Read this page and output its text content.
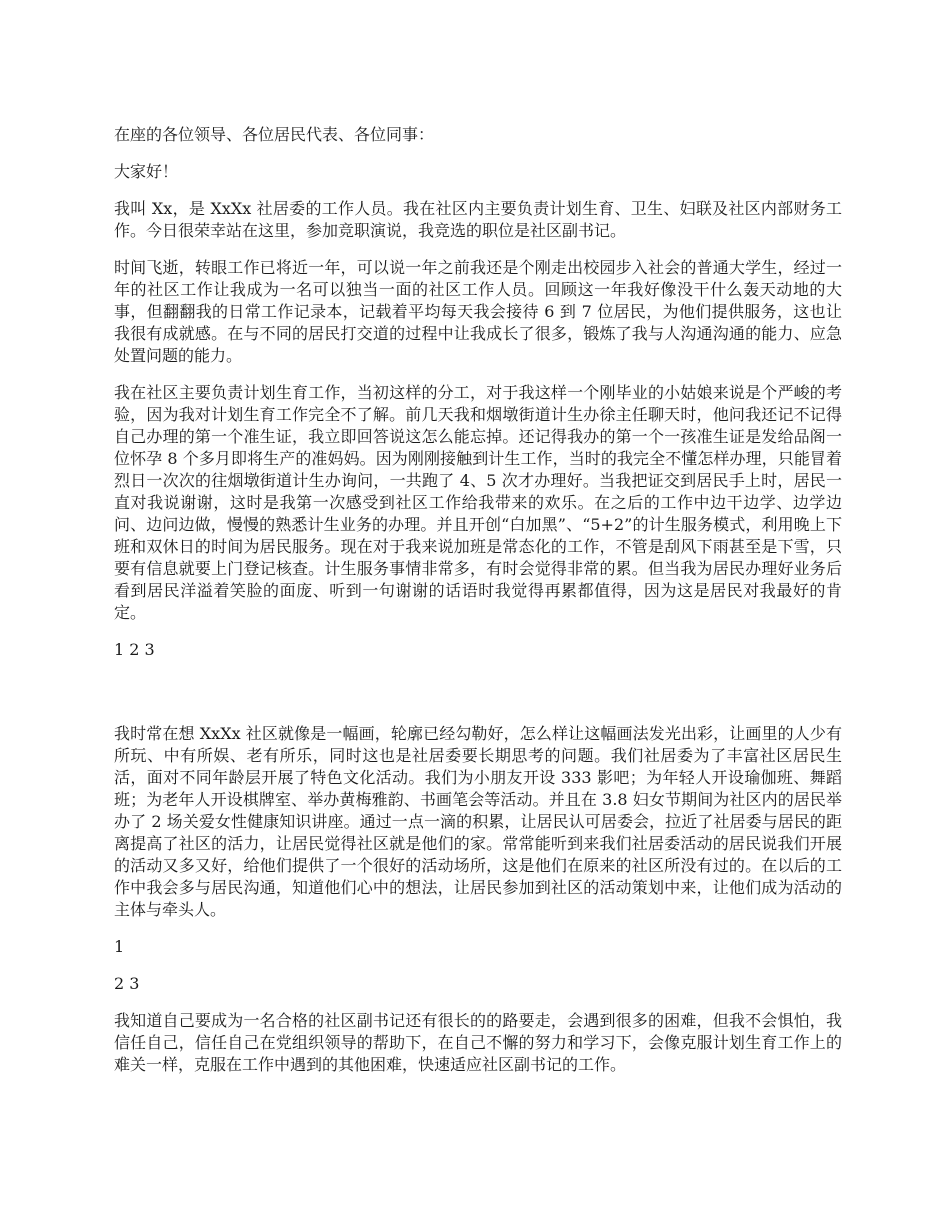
在座的各位领导、各位居民代表、各位同事：

大家好！

我叫 Xx，是 XxXx 社居委的工作人员。我在社区内主要负责计划生育、卫生、妇联及社区内部财务工作。今日很荣幸站在这里，参加竞职演说，我竞选的职位是社区副书记。

时间飞逝，转眼工作已将近一年，可以说一年之前我还是个刚走出校园步入社会的普通大学生，经过一年的社区工作让我成为一名可以独当一面的社区工作人员。回顾这一年我好像没干什么轰天动地的大事，但翻翻我的日常工作记录本，记载着平均每天我会接待 6 到 7 位居民，为他们提供服务，这也让我很有成就感。在与不同的居民打交道的过程中让我成长了很多，锻炼了我与人沟通沟通的能力、应急处置问题的能力。

我在社区主要负责计划生育工作，当初这样的分工，对于我这样一个刚毕业的小姑娘来说是个严峻的考验，因为我对计划生育工作完全不了解。前几天我和烟墩街道计生办徐主任聊天时，他问我还记不记得自己办理的第一个准生证，我立即回答说这怎么能忘掉。还记得我办的第一个一孩准生证是发给品阁一位怀孕 8 个多月即将生产的准妈妈。因为刚刚接触到计生工作，当时的我完全不懂怎样办理，只能冒着烈日一次次的往烟墩街道计生办询问，一共跑了 4、5 次才办理好。当我把证交到居民手上时，居民一直对我说谢谢，这时是我第一次感受到社区工作给我带来的欢乐。在之后的工作中边干边学、边学边问、边问边做，慢慢的熟悉计生业务的办理。并且开创“白加黑”、“5+2”的计生服务模式，利用晚上下班和双休日的时间为居民服务。现在对于我来说加班是常态化的工作，不管是刮风下雨甚至是下雪，只要有信息就要上门登记核查。计生服务事情非常多，有时会觉得非常的累。但当我为居民办理好业务后看到居民洋溢着笑脸的面庞、听到一句谢谢的话语时我觉得再累都值得，因为这是居民对我最好的肯定。

1 2 3

我时常在想 XxXx 社区就像是一幅画，轮廓已经勾勒好，怎么样让这幅画法发光出彩，让画里的人少有所玩、中有所娱、老有所乐，同时这也是社居委要长期思考的问题。我们社居委为了丰富社区居民生活，面对不同年龄层开展了特色文化活动。我们为小朋友开设 333 影吧；为年轻人开设瑜伽班、舞蹈班；为老年人开设棋牌室、举办黄梅雅韵、书画笔会等活动。并且在 3.8 妇女节期间为社区内的居民举办了 2 场关爱女性健康知识讲座。通过一点一滴的积累，让居民认可居委会，拉近了社居委与居民的距离提高了社区的活力，让居民觉得社区就是他们的家。常常能听到来我们社居委活动的居民说我们开展的活动又多又好，给他们提供了一个很好的活动场所，这是他们在原来的社区所没有过的。在以后的工作中我会多与居民沟通，知道他们心中的想法，让居民参加到社区的活动策划中来，让他们成为活动的主体与牵头人。

1

2 3

我知道自己要成为一名合格的社区副书记还有很长的的路要走，会遇到很多的困难，但我不会惧怕，我信任自己，信任自己在党组织领导的帮助下，在自己不懈的努力和学习下，会像克服计划生育工作上的难关一样，克服在工作中遇到的其他困难，快速适应社区副书记的工作。
